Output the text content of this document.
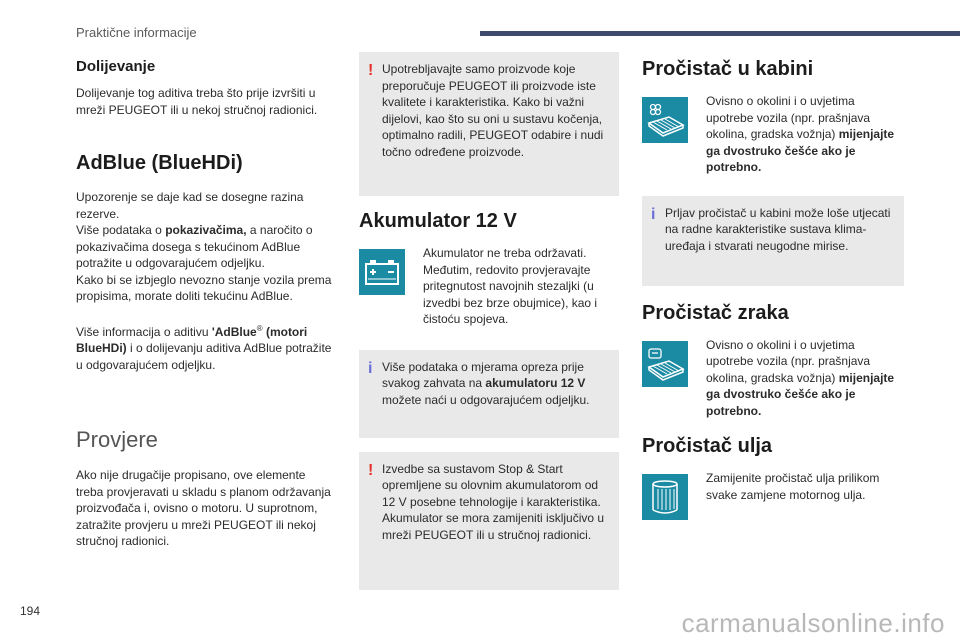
Praktične informacije
Dolijevanje

Dolijevanje tog aditiva treba što prije izvršiti u mreži PEUGEOT ili u nekoj stručnoj radionici.

AdBlue (BlueHDi)

Upozorenje se daje kad se dosegne razina rezerve.
Više podataka o pokazivačima, a naročito o pokazivačima dosega s tekućinom AdBlue potražite u odgovarajućem odjeljku.
Kako bi se izbjeglo nevozno stanje vozila prema propisima, morate doliti tekućinu AdBlue.

Više informacija o aditivu 'AdBlue® (motori BlueHDi) i o dolijevanju aditiva AdBlue potražite u odgovarajućem odjeljku.

Provjere

Ako nije drugačije propisano, ove elemente treba provjeravati u skladu s planom održavanja proizvođača i, ovisno o motoru. U suprotnom, zatražite provjeru u mreži PEUGEOT ili nekoj stručnoj radionici.

! Upotrebljavajte samo proizvode koje preporučuje PEUGEOT ili proizvode iste kvalitete i karakteristika. Kako bi važni dijelovi, kao što su oni u sustavu kočenja, optimalno radili, PEUGEOT odabire i nudi točno određene proizvode.

Akumulator 12 V

Akumulator ne treba održavati. Međutim, redovito provjeravajte pritegnutost navojnih stezaljki (u izvedbi bez brze obujmice), kao i čistoću spojeva.

i Više podataka o mjerama opreza prije svakog zahvata na akumulatoru 12 V možete naći u odgovarajućem odjeljku.

! Izvedbe sa sustavom Stop & Start opremljene su olovnim akumulatorom od 12 V posebne tehnologije i karakteristika. Akumulator se mora zamijeniti isključivo u mreži PEUGEOT ili u stručnoj radionici.

Pročistač u kabini

Ovisno o okolini i o uvjetima upotrebe vozila (npr. prašnjava okolina, gradska vožnja) mijenjajte ga dvostruko češće ako je potrebno.

i Prljav pročistač u kabini može loše utjecati na radne karakteristike sustava klima-uređaja i stvarati neugodne mirise.

Pročistač zraka

Ovisno o okolini i o uvjetima upotrebe vozila (npr. prašnjava okolina, gradska vožnja) mijenjajte ga dvostruko češće ako je potrebno.

Pročistač ulja

Zamijenite pročistač ulja prilikom svake zamjene motornog ulja.

194	carmanualsonline.info
